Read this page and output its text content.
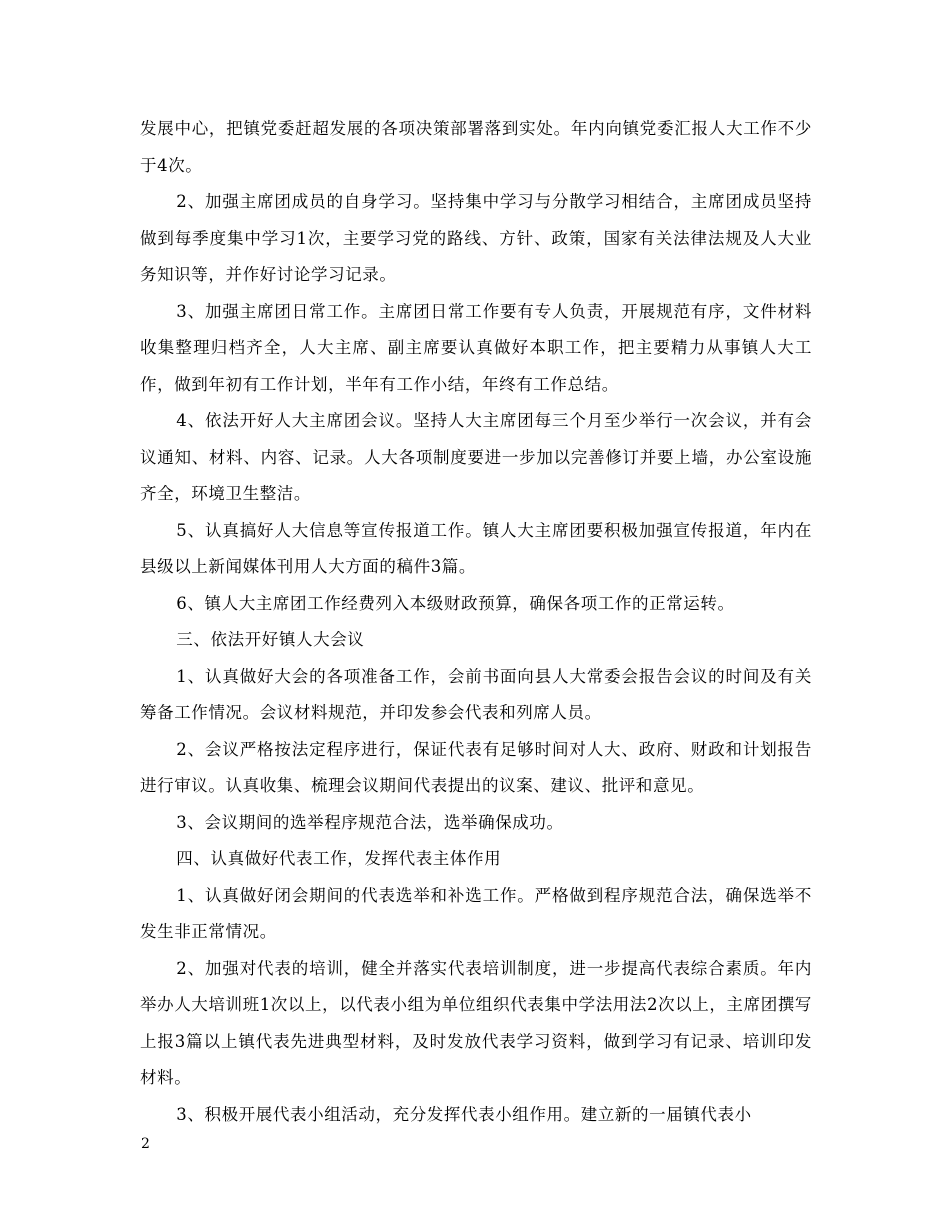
发展中心，把镇党委赶超发展的各项决策部署落到实处。年内向镇党委汇报人大工作不少于4次。

2、加强主席团成员的自身学习。坚持集中学习与分散学习相结合，主席团成员坚持做到每季度集中学习1次，主要学习党的路线、方针、政策，国家有关法律法规及人大业务知识等，并作好讨论学习记录。

3、加强主席团日常工作。主席团日常工作要有专人负责，开展规范有序，文件材料收集整理归档齐全，人大主席、副主席要认真做好本职工作，把主要精力从事镇人大工作，做到年初有工作计划，半年有工作小结，年终有工作总结。

4、依法开好人大主席团会议。坚持人大主席团每三个月至少举行一次会议，并有会议通知、材料、内容、记录。人大各项制度要进一步加以完善修订并要上墙，办公室设施齐全，环境卫生整洁。

5、认真搞好人大信息等宣传报道工作。镇人大主席团要积极加强宣传报道，年内在县级以上新闻媒体刊用人大方面的稿件3篇。

6、镇人大主席团工作经费列入本级财政预算，确保各项工作的正常运转。

三、依法开好镇人大会议

1、认真做好大会的各项准备工作，会前书面向县人大常委会报告会议的时间及有关筹备工作情况。会议材料规范，并印发参会代表和列席人员。

2、会议严格按法定程序进行，保证代表有足够时间对人大、政府、财政和计划报告进行审议。认真收集、梳理会议期间代表提出的议案、建议、批评和意见。

3、会议期间的选举程序规范合法，选举确保成功。

四、认真做好代表工作，发挥代表主体作用

1、认真做好闭会期间的代表选举和补选工作。严格做到程序规范合法，确保选举不发生非正常情况。

2、加强对代表的培训，健全并落实代表培训制度，进一步提高代表综合素质。年内举办人大培训班1次以上，以代表小组为单位组织代表集中学法用法2次以上，主席团撰写上报3篇以上镇代表先进典型材料，及时发放代表学习资料，做到学习有记录、培训印发材料。

3、积极开展代表小组活动，充分发挥代表小组作用。建立新的一届镇代表小

2
